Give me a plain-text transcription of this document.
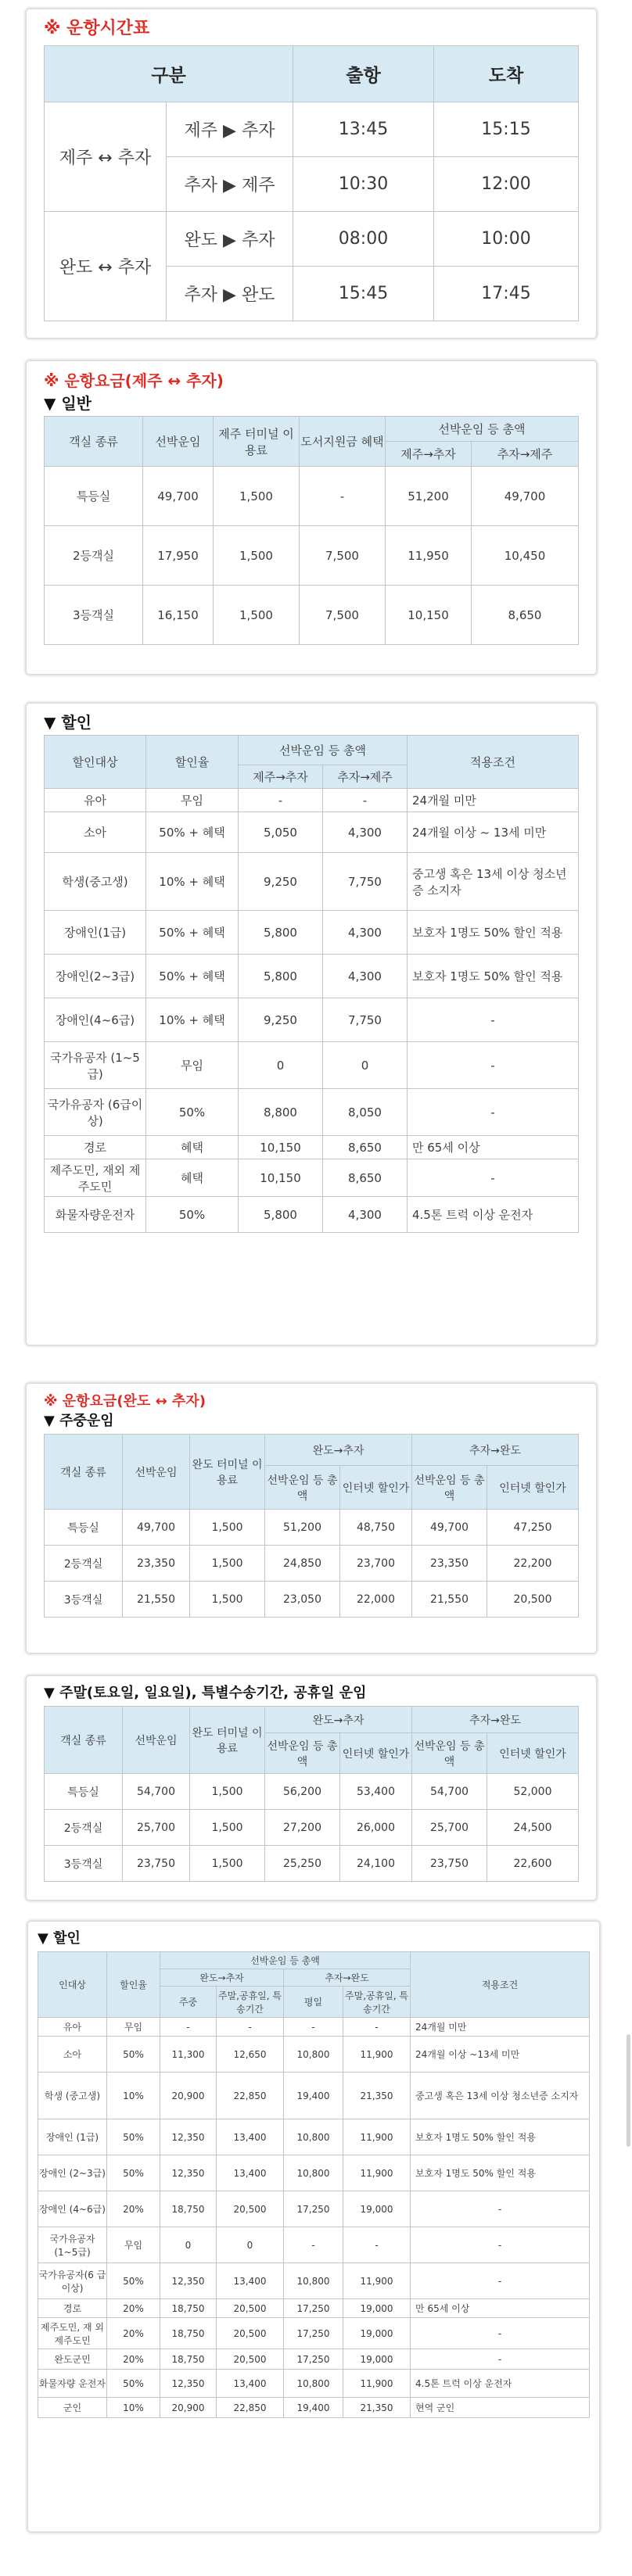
※ 운항시간표
구분		출항	도착
제주 ↔ 추자	제주 ▶ 추자	13:45	15:15
	추자 ▶ 제주	10:30	12:00
완도 ↔ 추자	완도 ▶ 추자	08:00	10:00
	추자 ▶ 완도	15:45	17:45
※ 운항요금(제주 ↔ 추자)
▼ 일반
객실 종류	선박운임	제주 터미널 이용료	도서지원금 혜택	선박운임 등 총액	
				제주→추자	추자→제주
특등실	49,700	1,500	-	51,200	49,700
2등객실	17,950	1,500	7,500	11,950	10,450
3등객실	16,150	1,500	7,500	10,150	8,650
▼ 할인
할인대상	할인율	선박운임 등 총액		적용조건
		제주→추자	추자→제주	
유아	무임	-	-	24개월 미만
소아	50% + 혜택	5,050	4,300	24개월 이상 ~ 13세 미만
학생(중고생)	10% + 혜택	9,250	7,750	중고생 혹은 13세 이상 청소년증 소지자
장애인(1급)	50% + 혜택	5,800	4,300	보호자 1명도 50% 할인 적용
장애인(2~3급)	50% + 혜택	5,800	4,300	보호자 1명도 50% 할인 적용
장애인(4~6급)	10% + 혜택	9,250	7,750	-
국가유공자 (1~5급)	무임	0	0	-
국가유공자 (6급이상)	50%	8,800	8,050	-
경로	혜택	10,150	8,650	만 65세 이상
제주도민, 재외 제주도민	혜택	10,150	8,650	-
화물자량운전자	50%	5,800	4,300	4.5톤 트럭 이상 운전자
※ 운항요금(완도 ↔ 추자)
▼ 주중운임
객실 종류	선박운임	완도 터미널 이용료	완도→추자		추자→완도	
			선박운임 등 총액	인터넷 할인가	선박운임 등 총액	인터넷 할인가
특등실	49,700	1,500	51,200	48,750	49,700	47,250
2등객실	23,350	1,500	24,850	23,700	23,350	22,200
3등객실	21,550	1,500	23,050	22,000	21,550	20,500
▼ 주말(토요일, 일요일), 특별수송기간, 공휴일 운임
객실 종류	선박운임	완도 터미널 이용료	완도→추자		추자→완도	
			선박운임 등 총액	인터넷 할인가	선박운임 등 총액	인터넷 할인가
특등실	54,700	1,500	56,200	53,400	54,700	52,000
2등객실	25,700	1,500	27,200	26,000	25,700	24,500
3등객실	23,750	1,500	25,250	24,100	23,750	22,600
▼ 할인
인대상	할인율	선박운임 등 총액				적용조건
		완도→추자		추자→완도		
		주중	주말,공휴일, 특송기간	평일	주말,공휴일, 특송기간	
유아	무임	-	-	-	-	24개월 미만
소아	50%	11,300	12,650	10,800	11,900	24개월 이상 ~13세 미만
학생 (중고생)	10%	20,900	22,850	19,400	21,350	중고생 혹은 13세 이상 청소년증 소지자
장애인 (1급)	50%	12,350	13,400	10,800	11,900	보호자 1명도 50% 할인 적용
장애인 (2~3급)	50%	12,350	13,400	10,800	11,900	보호자 1명도 50% 할인 적용
장애인 (4~6급)	20%	18,750	20,500	17,250	19,000	-
국가유공자 (1~5급)	무임	0	0	-	-	-
국가유공자(6 급이상)	50%	12,350	13,400	10,800	11,900	-
경로	20%	18,750	20,500	17,250	19,000	만 65세 이상
제주도민, 재 외제주도민	20%	18,750	20,500	17,250	19,000	-
완도군민	20%	18,750	20,500	17,250	19,000	-
화물자량 운전자	50%	12,350	13,400	10,800	11,900	4.5톤 트럭 이상 운전자
군인	10%	20,900	22,850	19,400	21,350	현역 군인
